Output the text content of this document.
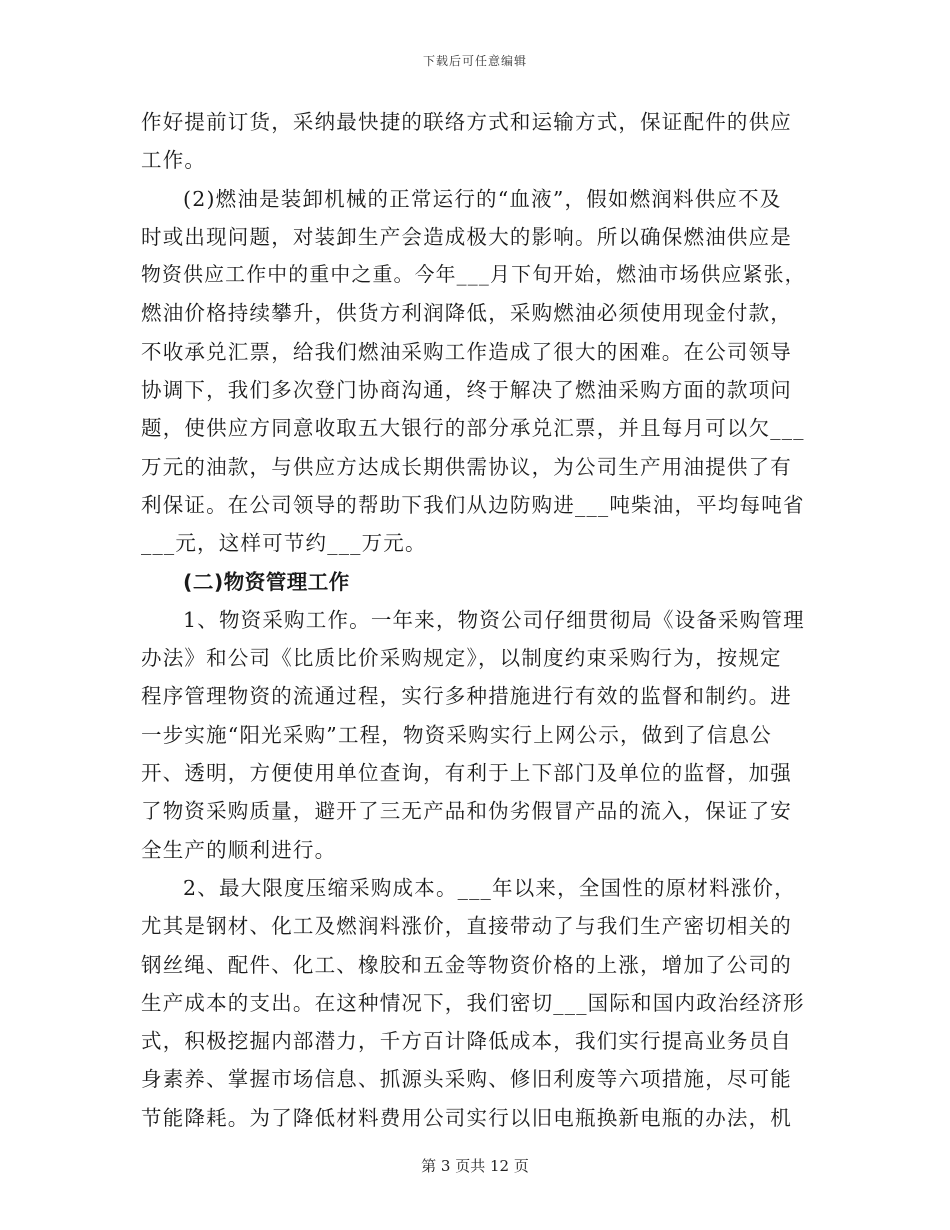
下载后可任意编辑
作好提前订货，采纳最快捷的联络方式和运输方式，保证配件的供应
工作。
(2)燃油是装卸机械的正常运行的“血液”，假如燃润料供应不及
时或出现问题，对装卸生产会造成极大的影响。所以确保燃油供应是
物资供应工作中的重中之重。今年___月下旬开始，燃油市场供应紧张，
燃油价格持续攀升，供货方利润降低，采购燃油必须使用现金付款，
不收承兑汇票，给我们燃油采购工作造成了很大的困难。在公司领导
协调下，我们多次登门协商沟通，终于解决了燃油采购方面的款项问
题，使供应方同意收取五大银行的部分承兑汇票，并且每月可以欠___
万元的油款，与供应方达成长期供需协议，为公司生产用油提供了有
利保证。在公司领导的帮助下我们从边防购进___吨柴油，平均每吨省
___元，这样可节约___万元。
(二)物资管理工作
1、物资采购工作。一年来，物资公司仔细贯彻局《设备采购管理
办法》和公司《比质比价采购规定》，以制度约束采购行为，按规定
程序管理物资的流通过程，实行多种措施进行有效的监督和制约。进
一步实施“阳光采购”工程，物资采购实行上网公示，做到了信息公
开、透明，方便使用单位查询，有利于上下部门及单位的监督，加强
了物资采购质量，避开了三无产品和伪劣假冒产品的流入，保证了安
全生产的顺利进行。
2、最大限度压缩采购成本。___年以来，全国性的原材料涨价，
尤其是钢材、化工及燃润料涨价，直接带动了与我们生产密切相关的
钢丝绳、配件、化工、橡胶和五金等物资价格的上涨，增加了公司的
生产成本的支出。在这种情况下，我们密切___国际和国内政治经济形
式，积极挖掘内部潜力，千方百计降低成本，我们实行提高业务员自
身素养、掌握市场信息、抓源头采购、修旧利废等六项措施，尽可能
节能降耗。为了降低材料费用公司实行以旧电瓶换新电瓶的办法，机
第 3 页共 12 页
